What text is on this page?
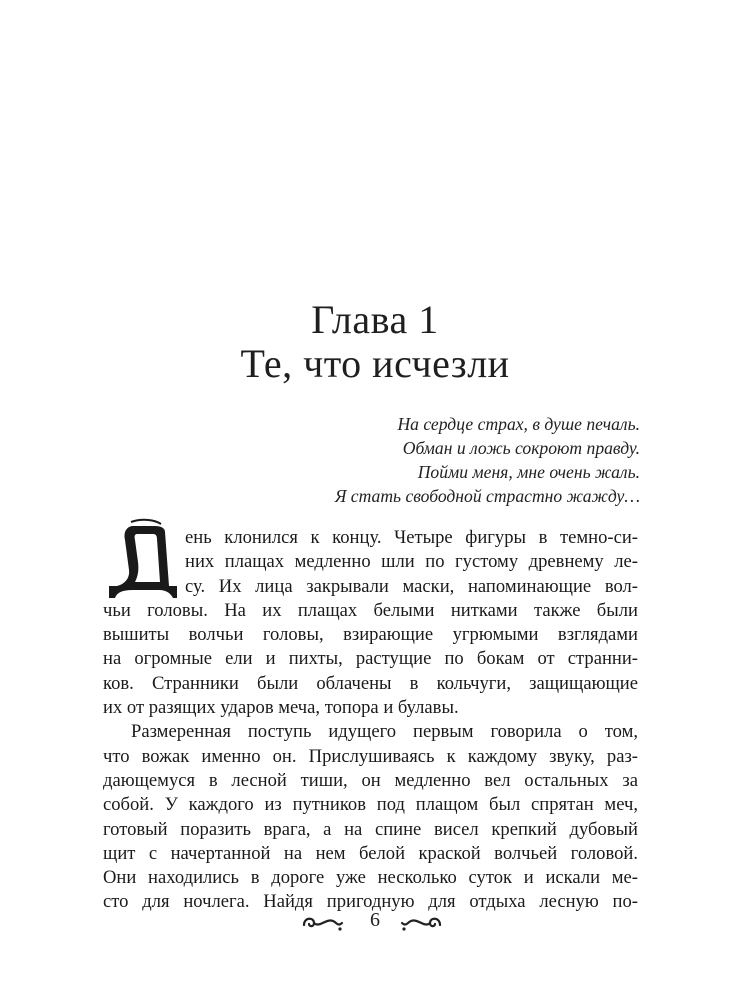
Глава 1
Те, что исчезли
На сердце страх, в душе печаль.
Обман и ложь сокроют правду.
Пойми меня, мне очень жаль.
Я стать свободной страстно жажду…
ень клонился к концу. Четыре фигуры в темно-си-
них плащах медленно шли по густому древнему ле-
су. Их лица закрывали маски, напоминающие вол-
чьи головы. На их плащах белыми нитками также были
вышиты волчьи головы, взирающие угрюмыми взглядами
на огромные ели и пихты, растущие по бокам от странни-
ков. Странники были облачены в кольчуги, защищающие
их от разящих ударов меча, топора и булавы.
Размеренная поступь идущего первым говорила о том,
что вожак именно он. Прислушиваясь к каждому звуку, раз-
дающемуся в лесной тиши, он медленно вел остальных за
собой. У каждого из путников под плащом был спрятан меч,
готовый поразить врага, а на спине висел крепкий дубовый
щит с начертанной на нем белой краской волчьей головой.
Они находились в дороге уже несколько суток и искали ме-
сто для ночлега. Найдя пригодную для отдыха лесную по-
6
